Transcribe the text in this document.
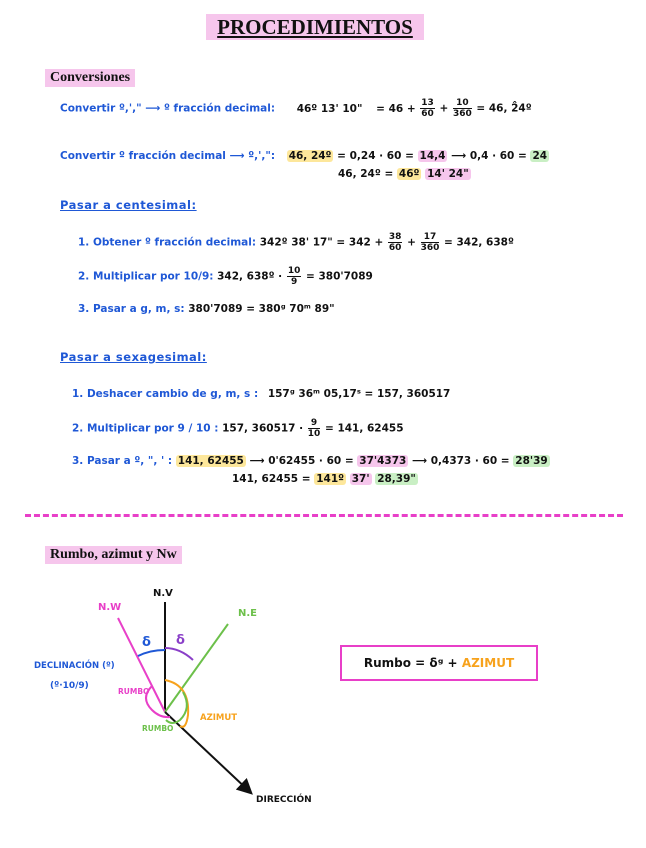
PROCEDIMIENTOS
Conversiones
Convertir º,'," ⟶ º fracción decimal: 46º 13' 10" = $46 + \frac{13}{60} + \frac{10}{360} = 46$, 2̂4º
Convertir º fracción decimal ⟶ º,',": 46, 24º = 0,24 · 60 = 14,4 ⟶ 0,4 · 60 = 24
46, 24º = 46º 14' 24"
Pasar a centesimal:
1. Obtener º fracción decimal: 342º 38' 17" = $342 + \frac{38}{60} + \frac{17}{360} = 342$, 638º
2. Multiplicar por 10/9: 342, 638º · $\frac{10}{9} = 380'7089$
3. Pasar a g, m, s: 380'7089 = 380ᵍ 70ᵐ 89"
Pasar a sexagesimal:
1. Deshacer cambio de g, m, s : 157ᵍ 36ᵐ 05,17ˢ = 157, 360517
2. Multiplicar por 9 / 10 : 157, $360517 \cdot \frac{9}{10} = 141$, 62455
3. Pasar a º, ", ' : 141, 62455 ⟶ 0'62455 · 60 = 37'4373 ⟶ 0,4373 · 60 = 28'39
141, 62455 = 141º 37' 28,39"
Rumbo, azimut y Nw
N.V
N.W
N.E
δ δ
DECLINACIÓN (º)
(º·10/9)
RUMBO
AZIMUT
RUMBO
DIRECCIÓN
Rumbo = δᵍ + AZIMUT
